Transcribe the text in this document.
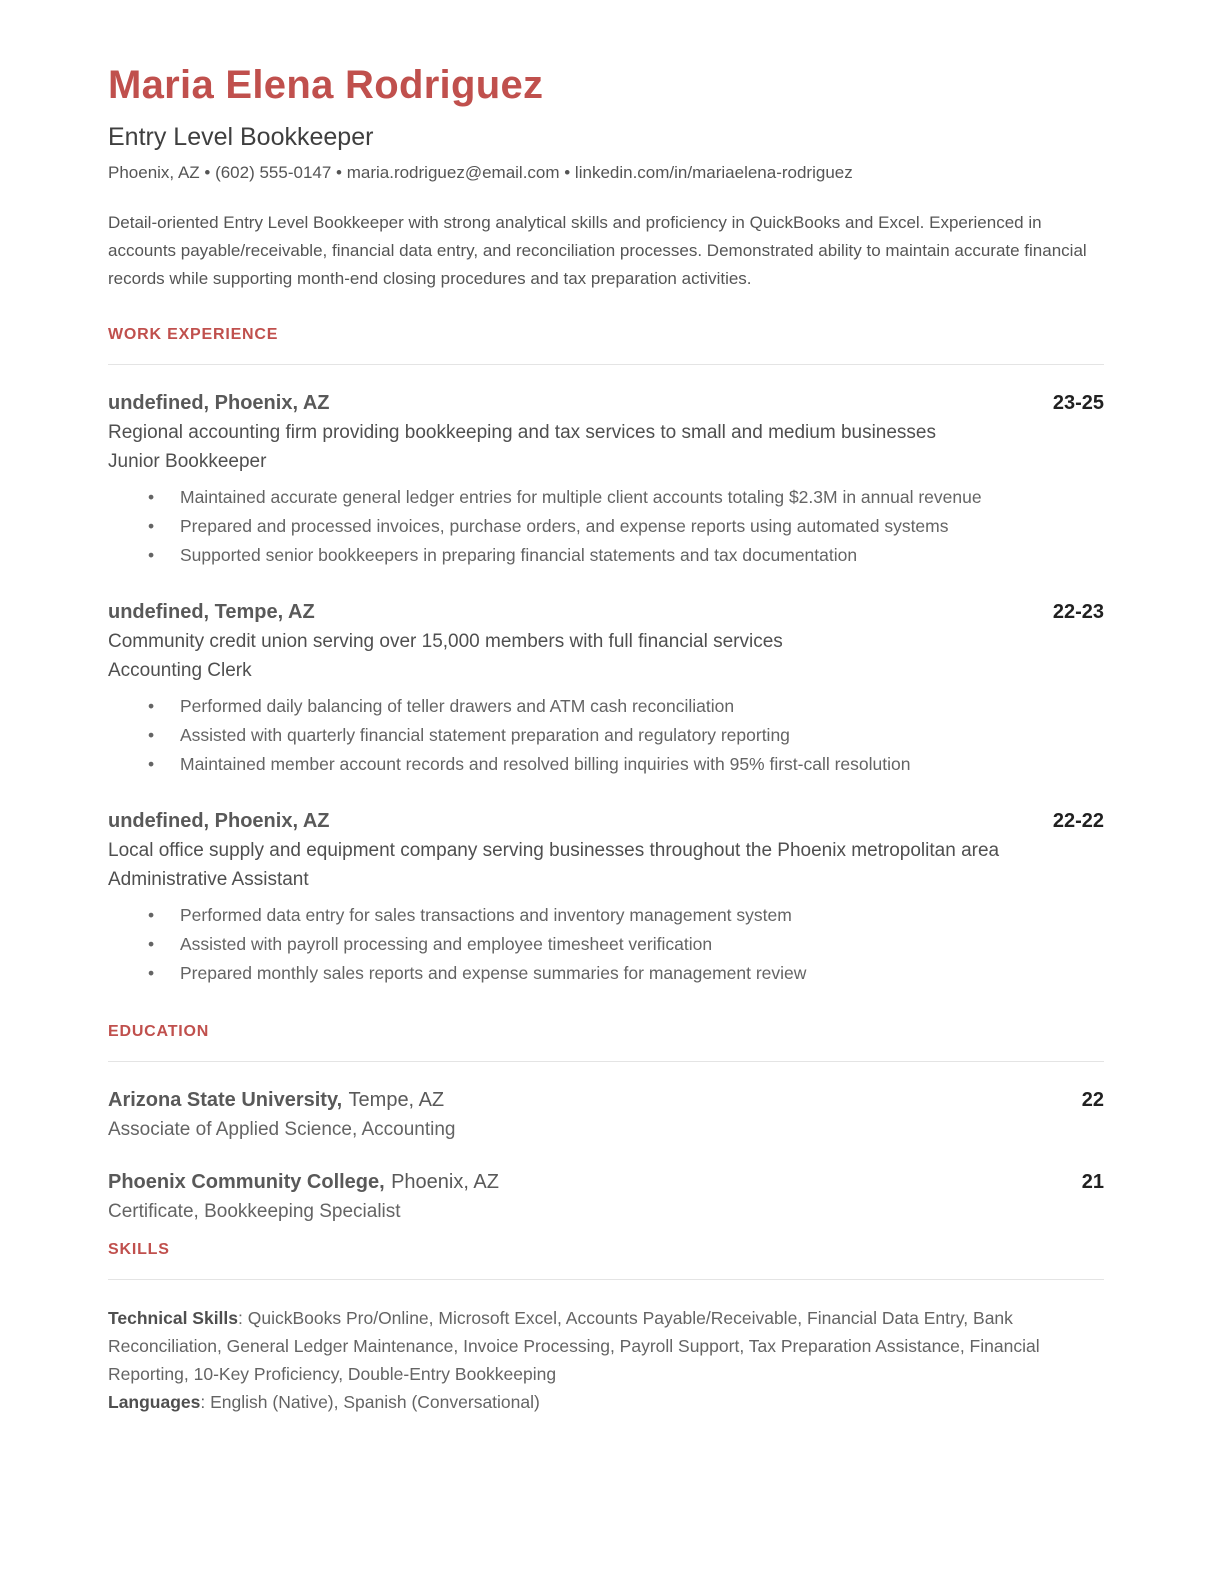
Maria Elena Rodriguez
Entry Level Bookkeeper
Phoenix, AZ • (602) 555-0147 • maria.rodriguez@email.com • linkedin.com/in/mariaelena-rodriguez

Detail-oriented Entry Level Bookkeeper with strong analytical skills and proficiency in QuickBooks and Excel. Experienced in accounts payable/receivable, financial data entry, and reconciliation processes. Demonstrated ability to maintain accurate financial records while supporting month-end closing procedures and tax preparation activities.

WORK EXPERIENCE
undefined, Phoenix, AZ	23-25
Regional accounting firm providing bookkeeping and tax services to small and medium businesses
Junior Bookkeeper
•	Maintained accurate general ledger entries for multiple client accounts totaling $2.3M in annual revenue
•	Prepared and processed invoices, purchase orders, and expense reports using automated systems
•	Supported senior bookkeepers in preparing financial statements and tax documentation
undefined, Tempe, AZ	22-23
Community credit union serving over 15,000 members with full financial services
Accounting Clerk
•	Performed daily balancing of teller drawers and ATM cash reconciliation
•	Assisted with quarterly financial statement preparation and regulatory reporting
•	Maintained member account records and resolved billing inquiries with 95% first-call resolution
undefined, Phoenix, AZ	22-22
Local office supply and equipment company serving businesses throughout the Phoenix metropolitan area
Administrative Assistant
•	Performed data entry for sales transactions and inventory management system
•	Assisted with payroll processing and employee timesheet verification
•	Prepared monthly sales reports and expense summaries for management review
EDUCATION
Arizona State University, Tempe, AZ	22
Associate of Applied Science, Accounting
Phoenix Community College, Phoenix, AZ	21
Certificate, Bookkeeping Specialist
SKILLS

Technical Skills: QuickBooks Pro/Online, Microsoft Excel, Accounts Payable/Receivable, Financial Data Entry, Bank Reconciliation, General Ledger Maintenance, Invoice Processing, Payroll Support, Tax Preparation Assistance, Financial Reporting, 10-Key Proficiency, Double-Entry Bookkeeping

Languages: English (Native), Spanish (Conversational)
